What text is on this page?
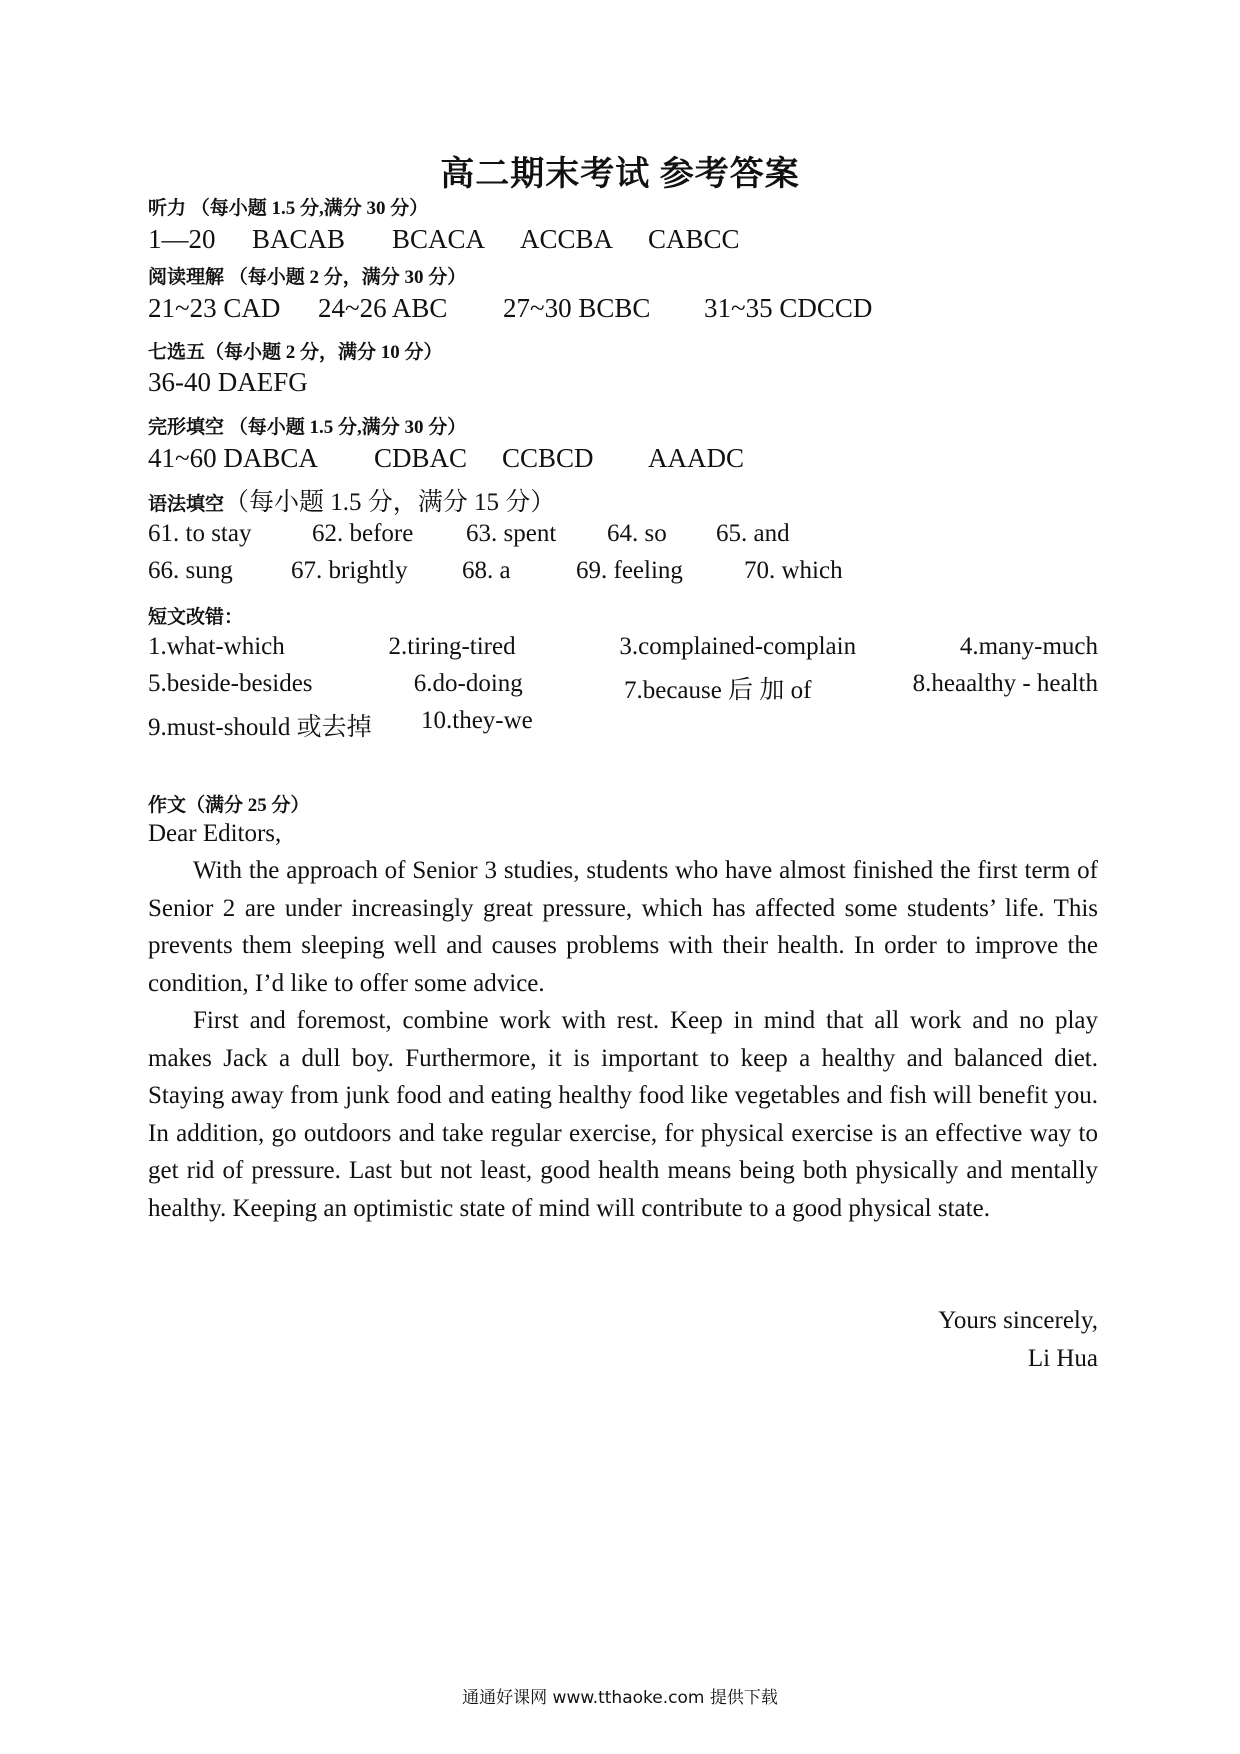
高二期末考试 参考答案
听力 （每小题 1.5 分,满分 30 分）
1—20 BACAB BCACA ACCBA CABCC
阅读理解 （每小题 2 分，满分 30 分）
21~23 CAD 24~26 ABC 27~30 BCBC 31~35 CDCCD
七选五（每小题 2 分，满分 10 分）
36-40 DAEFG
完形填空 （每小题 1.5 分,满分 30 分）
41~60 DABCA CDBAC CCBCD AAADC
语法填空（每小题 1.5 分，满分 15 分）
61. to stay 62. before 63. spent 64. so 65. and
66. sung 67. brightly 68. a	69. feeling 70. which
短文改错：
1.what-which	2.tiring-tired	3.complained-complain	4.many-much
5.beside-besides	6.do-doing	7.because 后 加 of	8.heaalthy - health
9.must-should 或去掉 10.they-we
作文（满分 25 分）
Dear Editors,

With the approach of Senior 3 studies, students who have almost finished the first term of Senior 2 are under increasingly great pressure, which has affected some students’ life. This prevents them sleeping well and causes problems with their health. In order to improve the condition, I’d like to offer some advice.

First and foremost, combine work with rest. Keep in mind that all work and no play makes Jack a dull boy. Furthermore, it is important to keep a healthy and balanced diet. Staying away from junk food and eating healthy food like vegetables and fish will benefit you. In addition, go outdoors and take regular exercise, for physical exercise is an effective way to get rid of pressure. Last but not least, good health means being both physically and mentally healthy. Keeping an optimistic state of mind will contribute to a good physical state.

Yours sincerely,
Li Hua
通通好课网 www.tthaoke.com 提供下载
